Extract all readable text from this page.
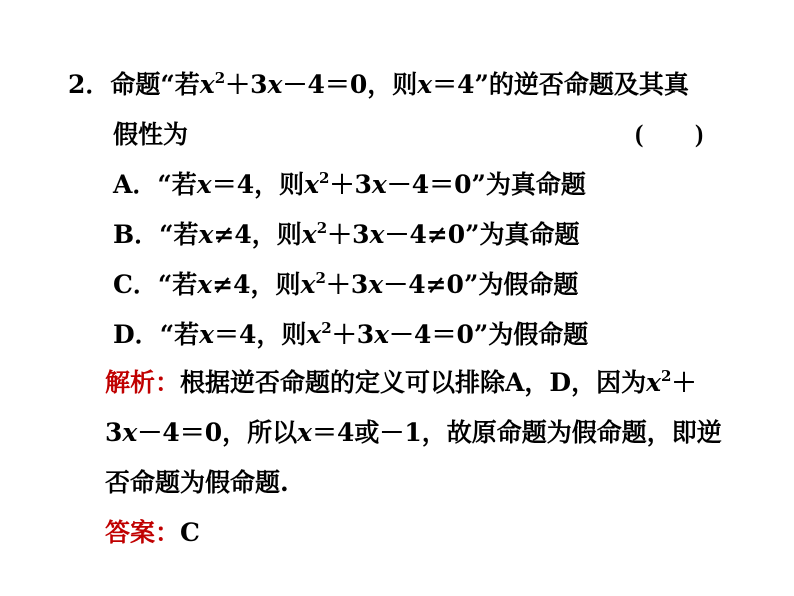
2．命题“若$x^2+3x-4=0$，则x＝4”的逆否命题及其真
假性为	( )
A．“若x＝4，则$x^2+3x-4=0$”为真命题
B．“若x≠4，则$x^2+3x-4\ne 0$”为真命题
C．“若x≠4，则$x^2+3x-4\ne 0$”为假命题
D．“若x＝4，则$x^2+3x-4=0$”为假命题
解析：根据逆否命题的定义可以排除A，D，因为$x^2+$
3x－4＝0，所以x＝4或－1，故原命题为假命题，即逆
否命题为假命题.
答案：C
